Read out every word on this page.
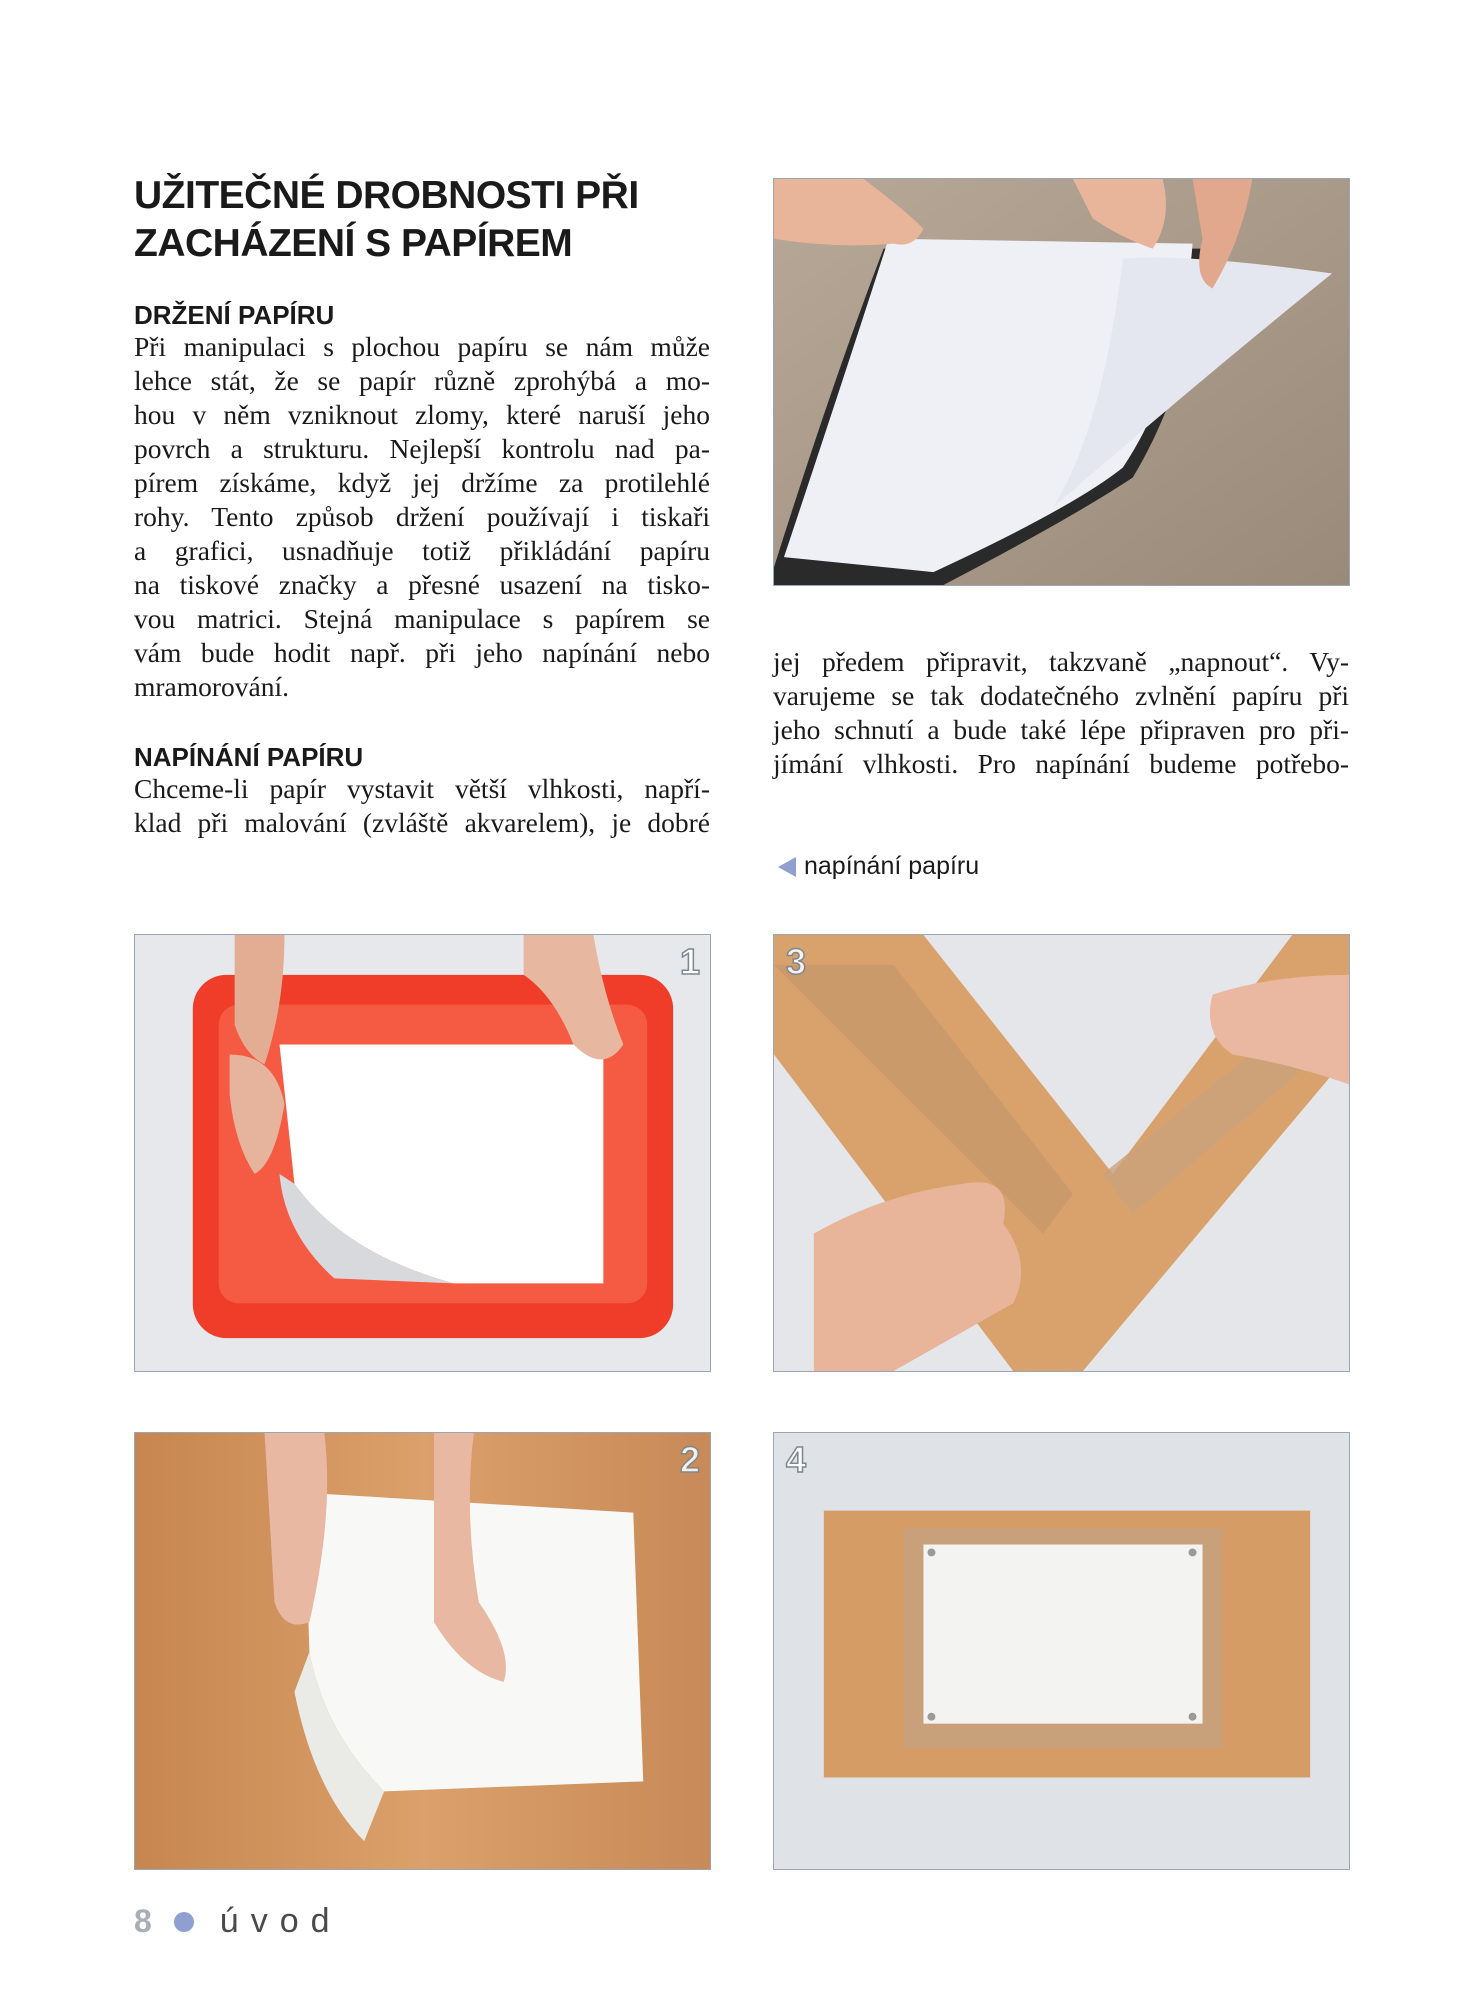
UŽITEČNÉ DROBNOSTI PŘI
ZACHÁZENÍ S PAPÍREM
DRŽENÍ PAPÍRU

Při manipulaci s plochou papíru se nám může
lehce stát, že se papír různě zprohýbá a mo-
hou v něm vzniknout zlomy, které naruší jeho
povrch a strukturu. Nejlepší kontrolu nad pa-
pírem získáme, když jej držíme za protilehlé
rohy. Tento způsob držení používají i tiskaři
a grafici, usnadňuje totiž přikládání papíru
na tiskové značky a přesné usazení na tisko-
vou matrici. Stejná manipulace s papírem se
vám bude hodit např. při jeho napínání nebo
mramorování.

NAPÍNÁNÍ PAPÍRU

Chceme-li papír vystavit větší vlhkosti, napří-
klad při malování (zvláště akvarelem), je dobré

jej předem připravit, takzvaně „napnout“. Vy-
varujeme se tak dodatečného zvlnění papíru při
jeho schnutí a bude také lépe připraven pro při-
jímání vlhkosti. Pro napínání budeme potřebo-

napínání papíru
1
2
3
4
8 úvod
